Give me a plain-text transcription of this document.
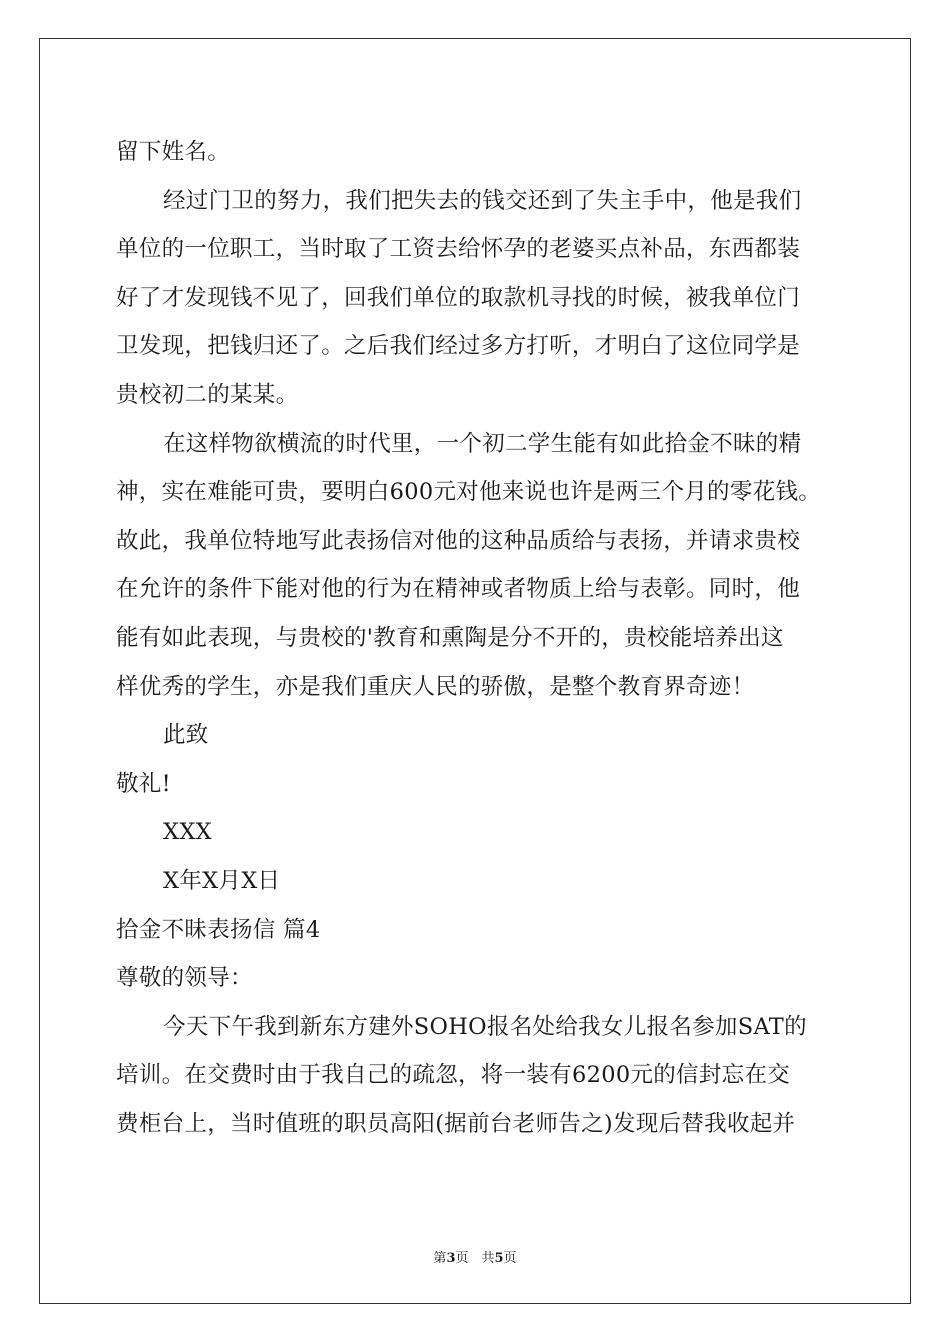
留下姓名。
经过门卫的努力，我们把失去的钱交还到了失主手中，他是我们
单位的一位职工，当时取了工资去给怀孕的老婆买点补品，东西都装
好了才发现钱不见了，回我们单位的取款机寻找的时候，被我单位门
卫发现，把钱归还了。之后我们经过多方打听，才明白了这位同学是
贵校初二的某某。
在这样物欲横流的时代里，一个初二学生能有如此拾金不昧的精
神，实在难能可贵，要明白600元对他来说也许是两三个月的零花钱。
故此，我单位特地写此表扬信对他的这种品质给与表扬，并请求贵校
在允许的条件下能对他的行为在精神或者物质上给与表彰。同时，他
能有如此表现，与贵校的'教育和熏陶是分不开的，贵校能培养出这
样优秀的学生，亦是我们重庆人民的骄傲，是整个教育界奇迹！
此致
敬礼!
XXX
X年X月X日
拾金不昧表扬信 篇4
尊敬的领导：
今天下午我到新东方建外SOHO报名处给我女儿报名参加SAT的
培训。在交费时由于我自己的疏忽，将一装有6200元的信封忘在交
费柜台上，当时值班的职员高阳(据前台老师告之)发现后替我收起并
第3页　共5页
